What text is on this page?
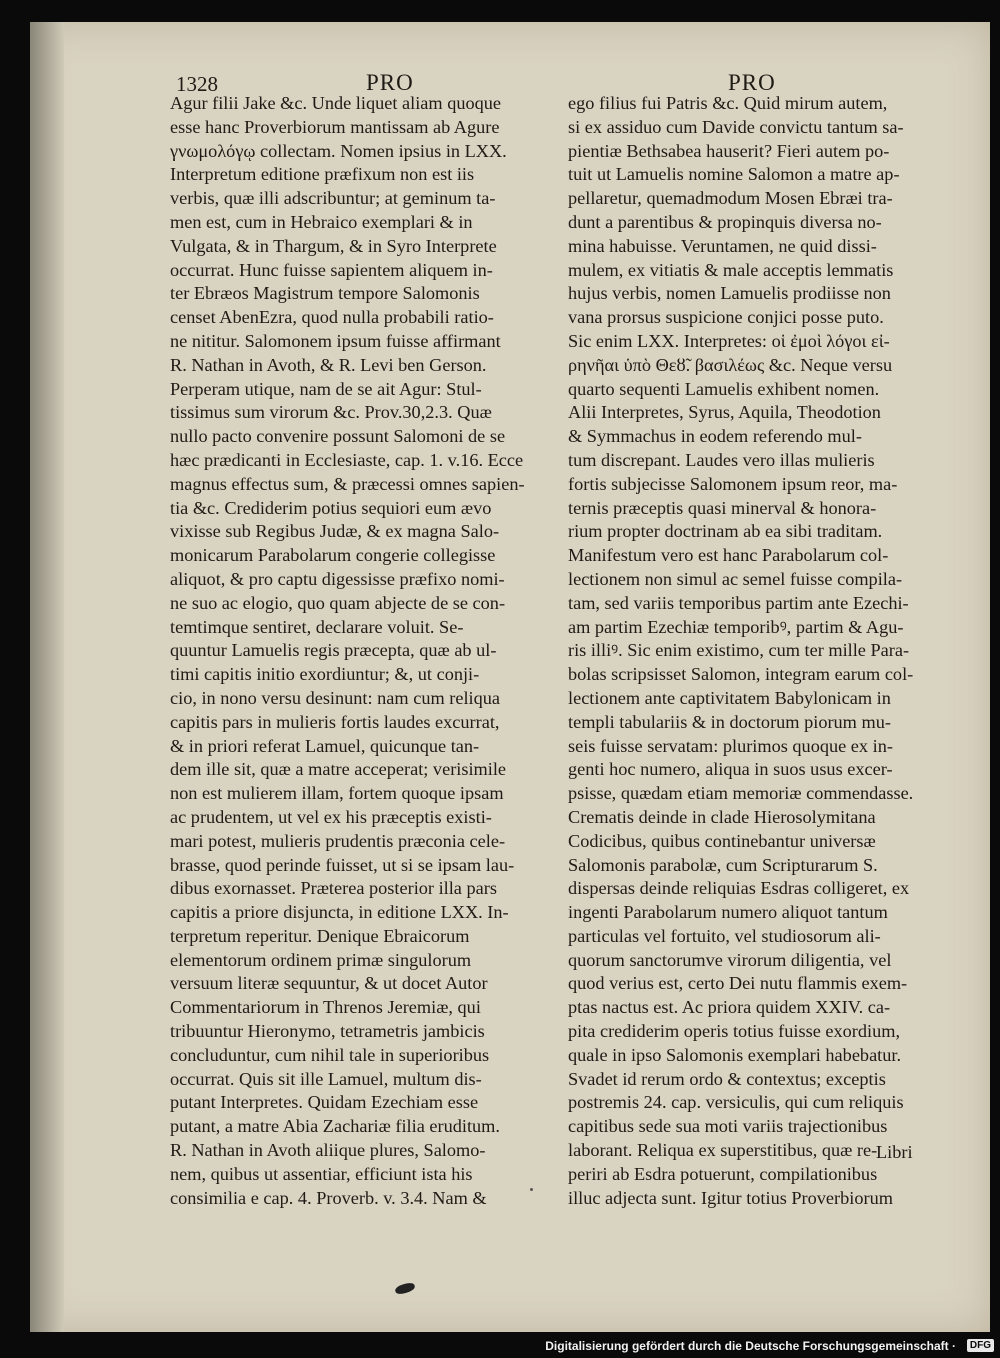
1328	PRO	PRO
Agur filii Jake &c. Unde liquet aliam quoque
esse hanc Proverbiorum mantissam ab Agure
γνωμολόγῳ collectam. Nomen ipsius in LXX.
Interpretum editione præfixum non est iis
verbis, quæ illi adscribuntur; at geminum ta-
men est, cum in Hebraico exemplari & in
Vulgata, & in Thargum, & in Syro Interprete
occurrat. Hunc fuisse sapientem aliquem in-
ter Ebræos Magistrum tempore Salomonis
censet AbenEzra, quod nulla probabili ratio-
ne nititur. Salomonem ipsum fuisse affirmant
R. Nathan in Avoth, & R. Levi ben Gerson.
Perperam utique, nam de se ait Agur: Stul-
tissimus sum virorum &c. Prov.30,2.3. Quæ
nullo pacto convenire possunt Salomoni de se
hæc prædicanti in Ecclesiaste, cap. 1. v.16. Ecce
magnus effectus sum, & præcessi omnes sapien-
tia &c. Crediderim potius sequiori eum ævo
vixisse sub Regibus Judæ, & ex magna Salo-
monicarum Parabolarum congerie collegisse
aliquot, & pro captu digessisse præfixo nomi-
ne suo ac elogio, quo quam abjecte de se con-
temtimque sentiret, declarare voluit. Se-
quuntur Lamuelis regis præcepta, quæ ab ul-
timi capitis initio exordiuntur; &, ut conji-
cio, in nono versu desinunt: nam cum reliqua
capitis pars in mulieris fortis laudes excurrat,
& in priori referat Lamuel, quicunque tan-
dem ille sit, quæ a matre acceperat; verisimile
non est mulierem illam, fortem quoque ipsam
ac prudentem, ut vel ex his præceptis existi-
mari potest, mulieris prudentis præconia cele-
brasse, quod perinde fuisset, ut si se ipsam lau-
dibus exornasset. Præterea posterior illa pars
capitis a priore disjuncta, in editione LXX. In-
terpretum reperitur. Denique Ebraicorum
elementorum ordinem primæ singulorum
versuum literæ sequuntur, & ut docet Autor
Commentariorum in Threnos Jeremiæ, qui
tribuuntur Hieronymo, tetrametris jambicis
concluduntur, cum nihil tale in superioribus
occurrat. Quis sit ille Lamuel, multum dis-
putant Interpretes. Quidam Ezechiam esse
putant, a matre Abia Zachariæ filia eruditum.
R. Nathan in Avoth aliique plures, Salomo-
nem, quibus ut assentiar, efficiunt ista his
consimilia e cap. 4. Proverb. v. 3.4. Nam &
ego filius fui Patris &c. Quid mirum autem,
si ex assiduo cum Davide convictu tantum sa-
pientiæ Bethsabea hauserit? Fieri autem po-
tuit ut Lamuelis nomine Salomon a matre ap-
pellaretur, quemadmodum Mosen Ebræi tra-
dunt a parentibus & propinquis diversa no-
mina habuisse. Veruntamen, ne quid dissi-
mulem, ex vitiatis & male acceptis lemmatis
hujus verbis, nomen Lamuelis prodiisse non
vana prorsus suspicione conjici posse puto.
Sic enim LXX. Interpretes: οἱ ἐμοὶ λόγοι εἰ-
ρηνῆαι ὑπὸ Θεȣ̃. βασιλέως &c. Neque versu
quarto sequenti Lamuelis exhibent nomen.
Alii Interpretes, Syrus, Aquila, Theodotion
& Symmachus in eodem referendo mul-
tum discrepant. Laudes vero illas mulieris
fortis subjecisse Salomonem ipsum reor, ma-
ternis præceptis quasi minerval & honora-
rium propter doctrinam ab ea sibi traditam.
Manifestum vero est hanc Parabolarum col-
lectionem non simul ac semel fuisse compila-
tam, sed variis temporibus partim ante Ezechi-
am partim Ezechiæ temporibꝰ, partim & Agu-
ris illiꝰ. Sic enim existimo, cum ter mille Para-
bolas scripsisset Salomon, integram earum col-
lectionem ante captivitatem Babylonicam in
templi tabulariis & in doctorum piorum mu-
seis fuisse servatam: plurimos quoque ex in-
genti hoc numero, aliqua in suos usus excer-
psisse, quædam etiam memoriæ commendasse.
Crematis deinde in clade Hierosolymitana
Codicibus, quibus continebantur universæ
Salomonis parabolæ, cum Scripturarum S.
dispersas deinde reliquias Esdras colligeret, ex
ingenti Parabolarum numero aliquot tantum
particulas vel fortuito, vel studiosorum ali-
quorum sanctorumve virorum diligentia, vel
quod verius est, certo Dei nutu flammis exem-
ptas nactus est. Ac priora quidem XXIV. ca-
pita crediderim operis totius fuisse exordium,
quale in ipso Salomonis exemplari habebatur.
Svadet id rerum ordo & contextus; exceptis
postremis 24. cap. versiculis, qui cum reliquis
capitibus sede sua moti variis trajectionibus
laborant. Reliqua ex superstitibus, quæ re-
periri ab Esdra potuerunt, compilationibus
illuc adjecta sunt. Igitur totius Proverbiorum
Libri
Digitalisierung gefördert durch die Deutsche Forschungsgemeinschaft ·	DFG
